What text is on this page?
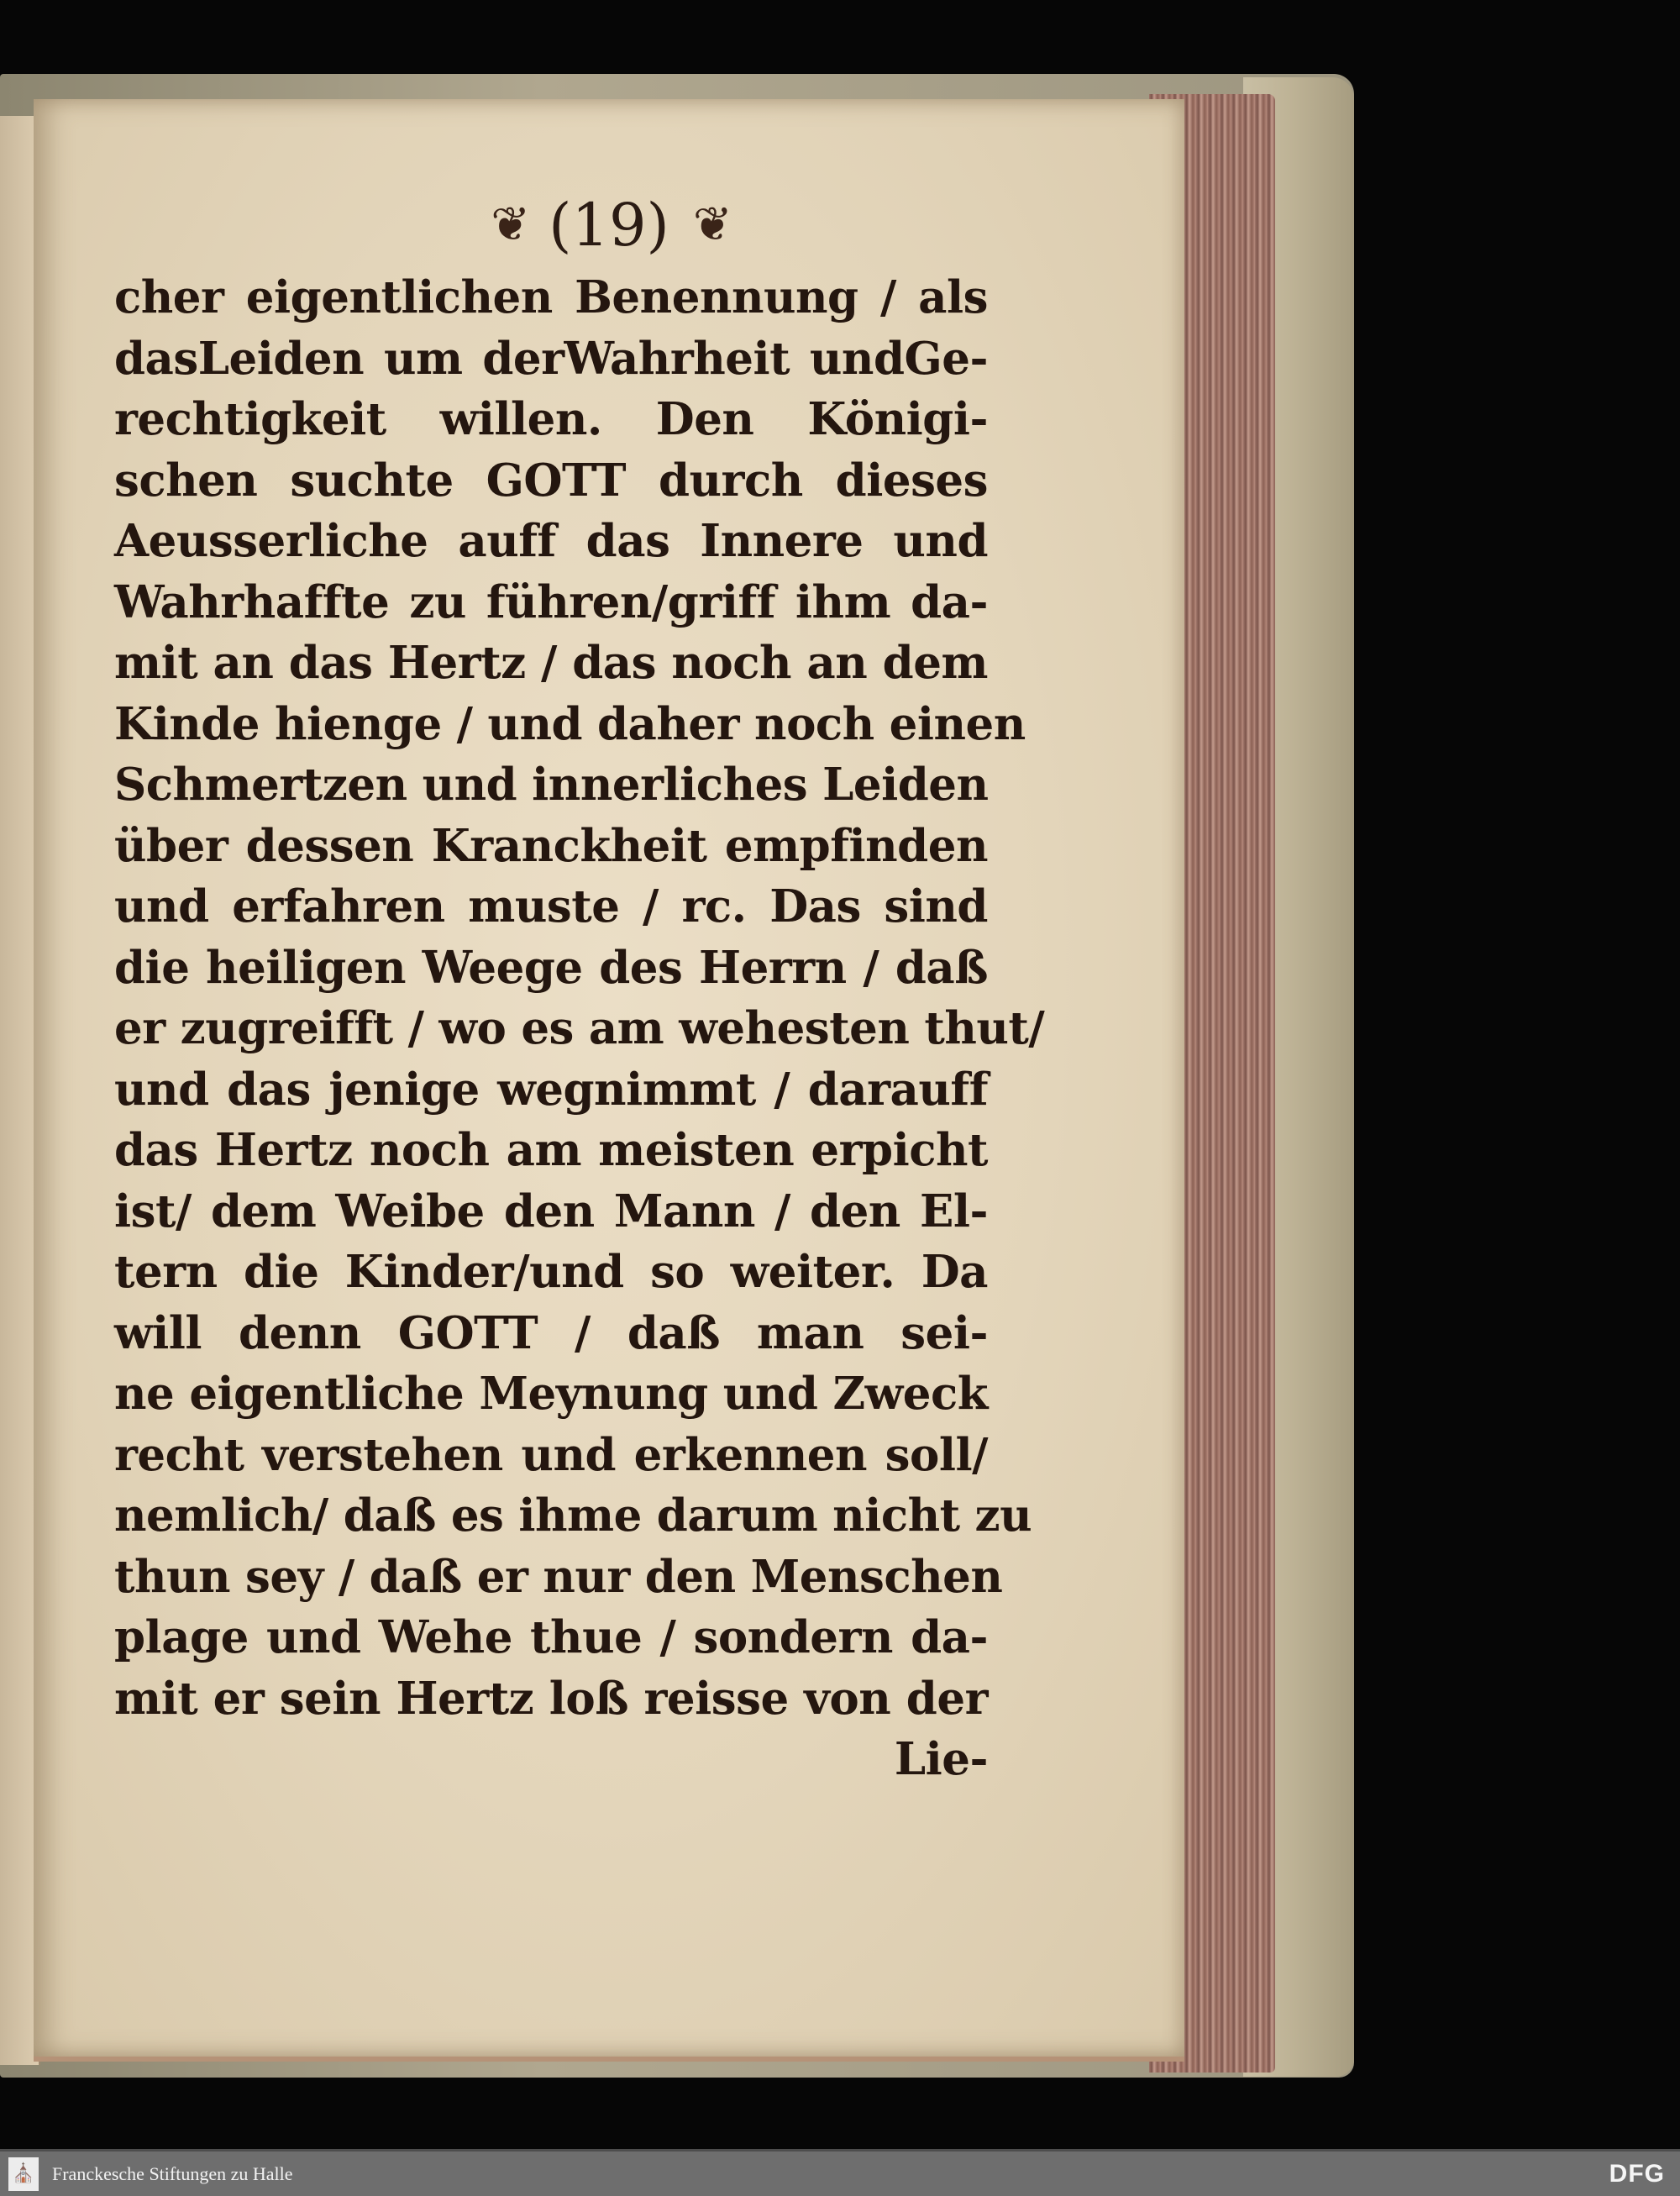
❦ (19) ❦
cher eigentlichen Benennung / als
dasLeiden um derWahrheit undGe-
rechtigkeit willen. Den Königi-
schen suchte GOTT durch dieses
Aeusserliche auff das Innere und
Wahrhaffte zu führen/griff ihm da-
mit an das Hertz / das noch an dem
Kinde hienge / und daher noch einen
Schmertzen und innerliches Leiden
über dessen Kranckheit empfinden
und erfahren muste / rc. Das sind
die heiligen Weege des Herrn / daß
er zugreifft / wo es am wehesten thut/
und das jenige wegnimmt / darauff
das Hertz noch am meisten erpicht
ist/ dem Weibe den Mann / den El-
tern die Kinder/und so weiter. Da
will denn GOTT / daß man sei-
ne eigentliche Meynung und Zweck
recht verstehen und erkennen soll/
nemlich/ daß es ihme darum nicht zu
thun sey / daß er nur den Menschen
plage und Wehe thue / sondern da-
mit er sein Hertz loß reisse von der
Lie-
⛪ Franckesche Stiftungen zu Halle	DFG
